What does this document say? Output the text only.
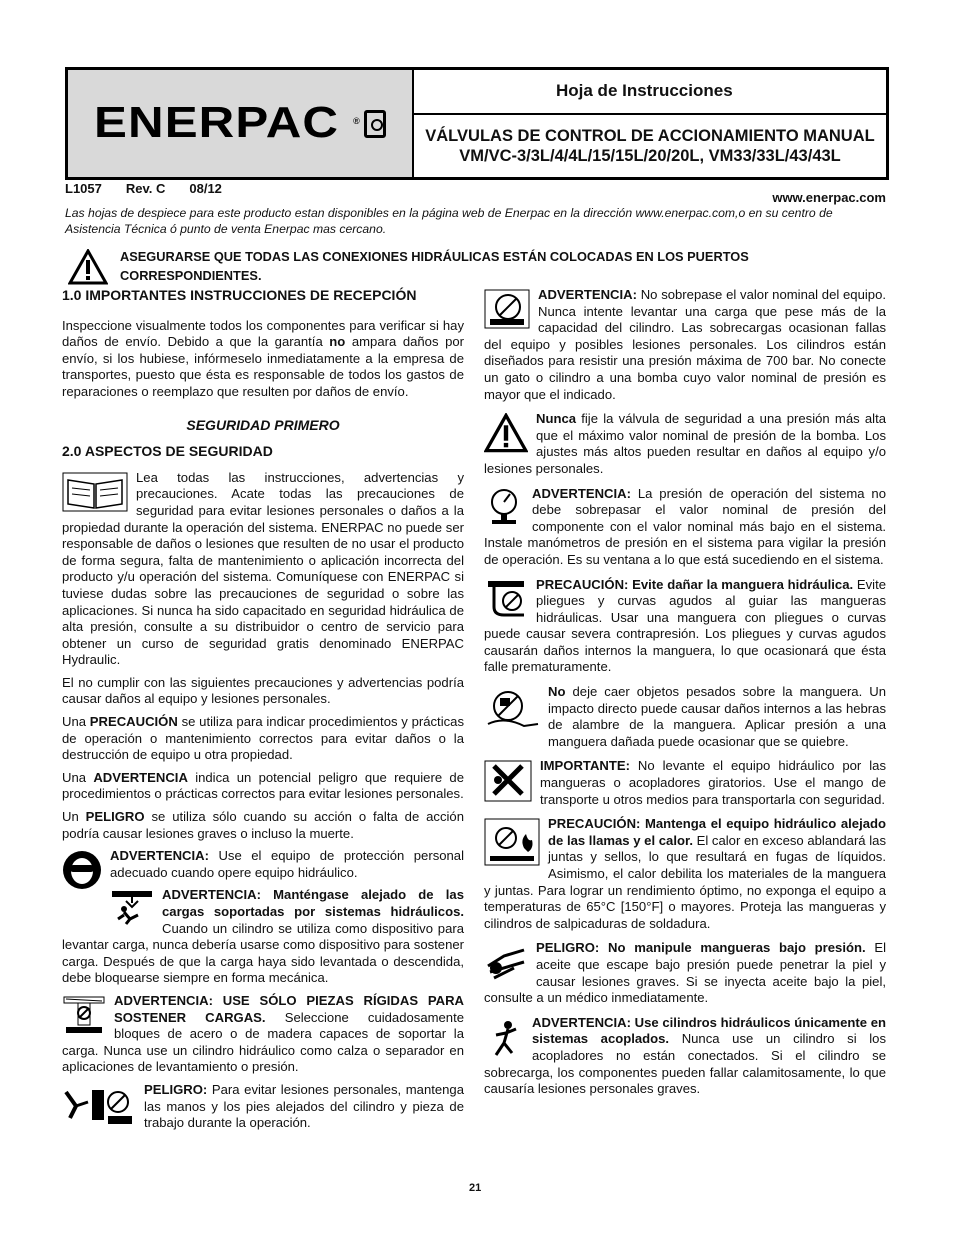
ENERPAC ®
Hoja de Instrucciones
VÁLVULAS DE CONTROL DE ACCIONAMIENTO MANUAL
VM/VC-3/3L/4/4L/15/15L/20/20L, VM33/33L/43/43L
L1057 Rev. C 08/12
www.enerpac.com
Las hojas de despiece para este producto estan disponibles en la página web de Enerpac en la dirección www.enerpac.com,o en su centro de Asistencia Técnica ó punto de venta Enerpac mas cercano.
ASEGURARSE QUE TODAS LAS CONEXIONES HIDRÁULICAS ESTÁN COLOCADAS EN LOS PUERTOS CORRESPONDIENTES.
1.0 IMPORTANTES INSTRUCCIONES DE RECEPCIÓN

Inspeccione visualmente todos los componentes para verificar si hay daños de envío. Debido a que la garantía no ampara daños por envío, si los hubiese, infórmeselo inmediatamente a la empresa de transportes, puesto que ésta es responsable de todos los gastos de reparaciones o reemplazo que resulten por daños de envío.

SEGURIDAD PRIMERO
2.0 ASPECTOS DE SEGURIDAD

Lea todas las instrucciones, advertencias y precauciones. Acate todas las precauciones de seguridad para evitar lesiones personales o daños a la propiedad durante la operación del sistema. ENERPAC no puede ser responsable de daños o lesiones que resulten de no usar el producto de forma segura, falta de mantenimiento o aplicación incorrecta del producto y/u operación del sistema. Comuníquese con ENERPAC si tuviese dudas sobre las precauciones de seguridad o sobre las aplicaciones. Si nunca ha sido capacitado en seguridad hidráulica de alta presión, consulte a su distribuidor o centro de servicio para obtener un curso de seguridad gratis denominado ENERPAC Hydraulic.

El no cumplir con las siguientes precauciones y advertencias podría causar daños al equipo y lesiones personales.

Una PRECAUCIÓN se utiliza para indicar procedimientos y prácticas de operación o mantenimiento correctos para evitar daños o la destrucción de equipo u otra propiedad.

Una ADVERTENCIA indica un potencial peligro que requiere de procedimientos o prácticas correctos para evitar lesiones personales.

Un PELIGRO se utiliza sólo cuando su acción o falta de acción podría causar lesiones graves o incluso la muerte.

ADVERTENCIA: Use el equipo de protección personal adecuado cuando opere equipo hidráulico.

ADVERTENCIA: Manténgase alejado de las cargas soportadas por sistemas hidráulicos. Cuando un cilindro se utiliza como dispositivo para levantar carga, nunca debería usarse como dispositivo para sostener carga. Después de que la carga haya sido levantada o descendida, debe bloquearse siempre en forma mecánica.

ADVERTENCIA: USE SÓLO PIEZAS RÍGIDAS PARA SOSTENER CARGAS. Seleccione cuidadosamente bloques de acero o de madera capaces de soportar la carga. Nunca use un cilindro hidráulico como calza o separador en aplicaciones de levantamiento o presión.

PELIGRO: Para evitar lesiones personales, mantenga las manos y los pies alejados del cilindro y pieza de trabajo durante la operación.

ADVERTENCIA: No sobrepase el valor nominal del equipo. Nunca intente levantar una carga que pese más de la capacidad del cilindro. Las sobrecargas ocasionan fallas del equipo y posibles lesiones personales. Los cilindros están diseñados para resistir una presión máxima de 700 bar. No conecte un gato o cilindro a una bomba cuyo valor nominal de presión es mayor que el indicado.

Nunca fije la válvula de seguridad a una presión más alta que el máximo valor nominal de presión de la bomba. Los ajustes más altos pueden resultar en daños al equipo y/o lesiones personales.

ADVERTENCIA: La presión de operación del sistema no debe sobrepasar el valor nominal de presión del componente con el valor nominal más bajo en el sistema. Instale manómetros de presión en el sistema para vigilar la presión de operación. Es su ventana a lo que está sucediendo en el sistema.

PRECAUCIÓN: Evite dañar la manguera hidráulica. Evite pliegues y curvas agudos al guiar las mangueras hidráulicas. Usar una manguera con pliegues o curvas puede causar severa contrapresión. Los pliegues y curvas agudos causarán daños internos la manguera, lo que ocasionará que ésta falle prematuramente.

No deje caer objetos pesados sobre la manguera. Un impacto directo puede causar daños internos a las hebras de alambre de la manguera. Aplicar presión a una manguera dañada puede ocasionar que se quiebre.

IMPORTANTE: No levante el equipo hidráulico por las mangueras o acopladores giratorios. Use el mango de transporte u otros medios para transportarla con seguridad.

PRECAUCIÓN: Mantenga el equipo hidráulico alejado de las llamas y el calor. El calor en exceso ablandará las juntas y sellos, lo que resultará en fugas de líquidos. Asimismo, el calor debilita los materiales de la manguera y juntas. Para lograr un rendimiento óptimo, no exponga el equipo a temperaturas de 65°C [150°F] o mayores. Proteja las mangueras y cilindros de salpicaduras de soldadura.

PELIGRO: No manipule mangueras bajo presión. El aceite que escape bajo presión puede penetrar la piel y causar lesiones graves. Si se inyecta aceite bajo la piel, consulte a un médico inmediatamente.

ADVERTENCIA: Use cilindros hidráulicos únicamente en sistemas acoplados. Nunca use un cilindro si los acopladores no están conectados. Si el cilindro se sobrecarga, los componentes pueden fallar calamitosamente, lo que causaría lesiones personales graves.

21
